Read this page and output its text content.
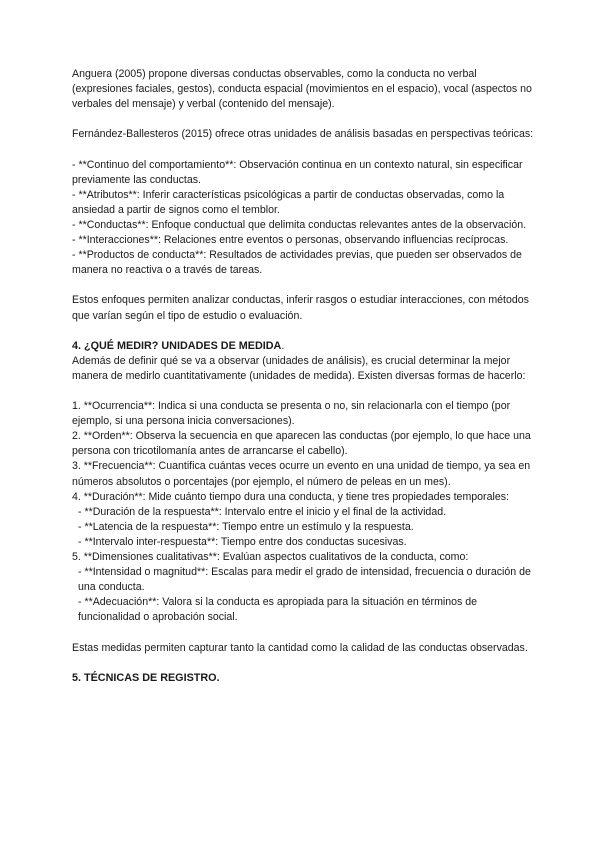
Anguera (2005) propone diversas conductas observables, como la conducta no verbal (expresiones faciales, gestos), conducta espacial (movimientos en el espacio), vocal (aspectos no verbales del mensaje) y verbal (contenido del mensaje).

Fernández-Ballesteros (2015) ofrece otras unidades de análisis basadas en perspectivas teóricas:

- **Continuo del comportamiento**: Observación continua en un contexto natural, sin especificar previamente las conductas.

- **Atributos**: Inferir características psicológicas a partir de conductas observadas, como la ansiedad a partir de signos como el temblor.

- **Conductas**: Enfoque conductual que delimita conductas relevantes antes de la observación.

- **Interacciones**: Relaciones entre eventos o personas, observando influencias recíprocas.

- **Productos de conducta**: Resultados de actividades previas, que pueden ser observados de manera no reactiva o a través de tareas.

Estos enfoques permiten analizar conductas, inferir rasgos o estudiar interacciones, con métodos que varían según el tipo de estudio o evaluación.

4. ¿QUÉ MEDIR? UNIDADES DE MEDIDA.

Además de definir qué se va a observar (unidades de análisis), es crucial determinar la mejor manera de medirlo cuantitativamente (unidades de medida). Existen diversas formas de hacerlo:

1. **Ocurrencia**: Indica si una conducta se presenta o no, sin relacionarla con el tiempo (por ejemplo, si una persona inicia conversaciones).

2. **Orden**: Observa la secuencia en que aparecen las conductas (por ejemplo, lo que hace una persona con tricotilomanía antes de arrancarse el cabello).

3. **Frecuencia**: Cuantifica cuántas veces ocurre un evento en una unidad de tiempo, ya sea en números absolutos o porcentajes (por ejemplo, el número de peleas en un mes).

4. **Duración**: Mide cuánto tiempo dura una conducta, y tiene tres propiedades temporales:

- **Duración de la respuesta**: Intervalo entre el inicio y el final de la actividad.

- **Latencia de la respuesta**: Tiempo entre un estímulo y la respuesta.

- **Intervalo inter-respuesta**: Tiempo entre dos conductas sucesivas.

5. **Dimensiones cualitativas**: Evalúan aspectos cualitativos de la conducta, como:

- **Intensidad o magnitud**: Escalas para medir el grado de intensidad, frecuencia o duración de una conducta.

- **Adecuación**: Valora si la conducta es apropiada para la situación en términos de funcionalidad o aprobación social.

Estas medidas permiten capturar tanto la cantidad como la calidad de las conductas observadas.

5. TÉCNICAS DE REGISTRO.
